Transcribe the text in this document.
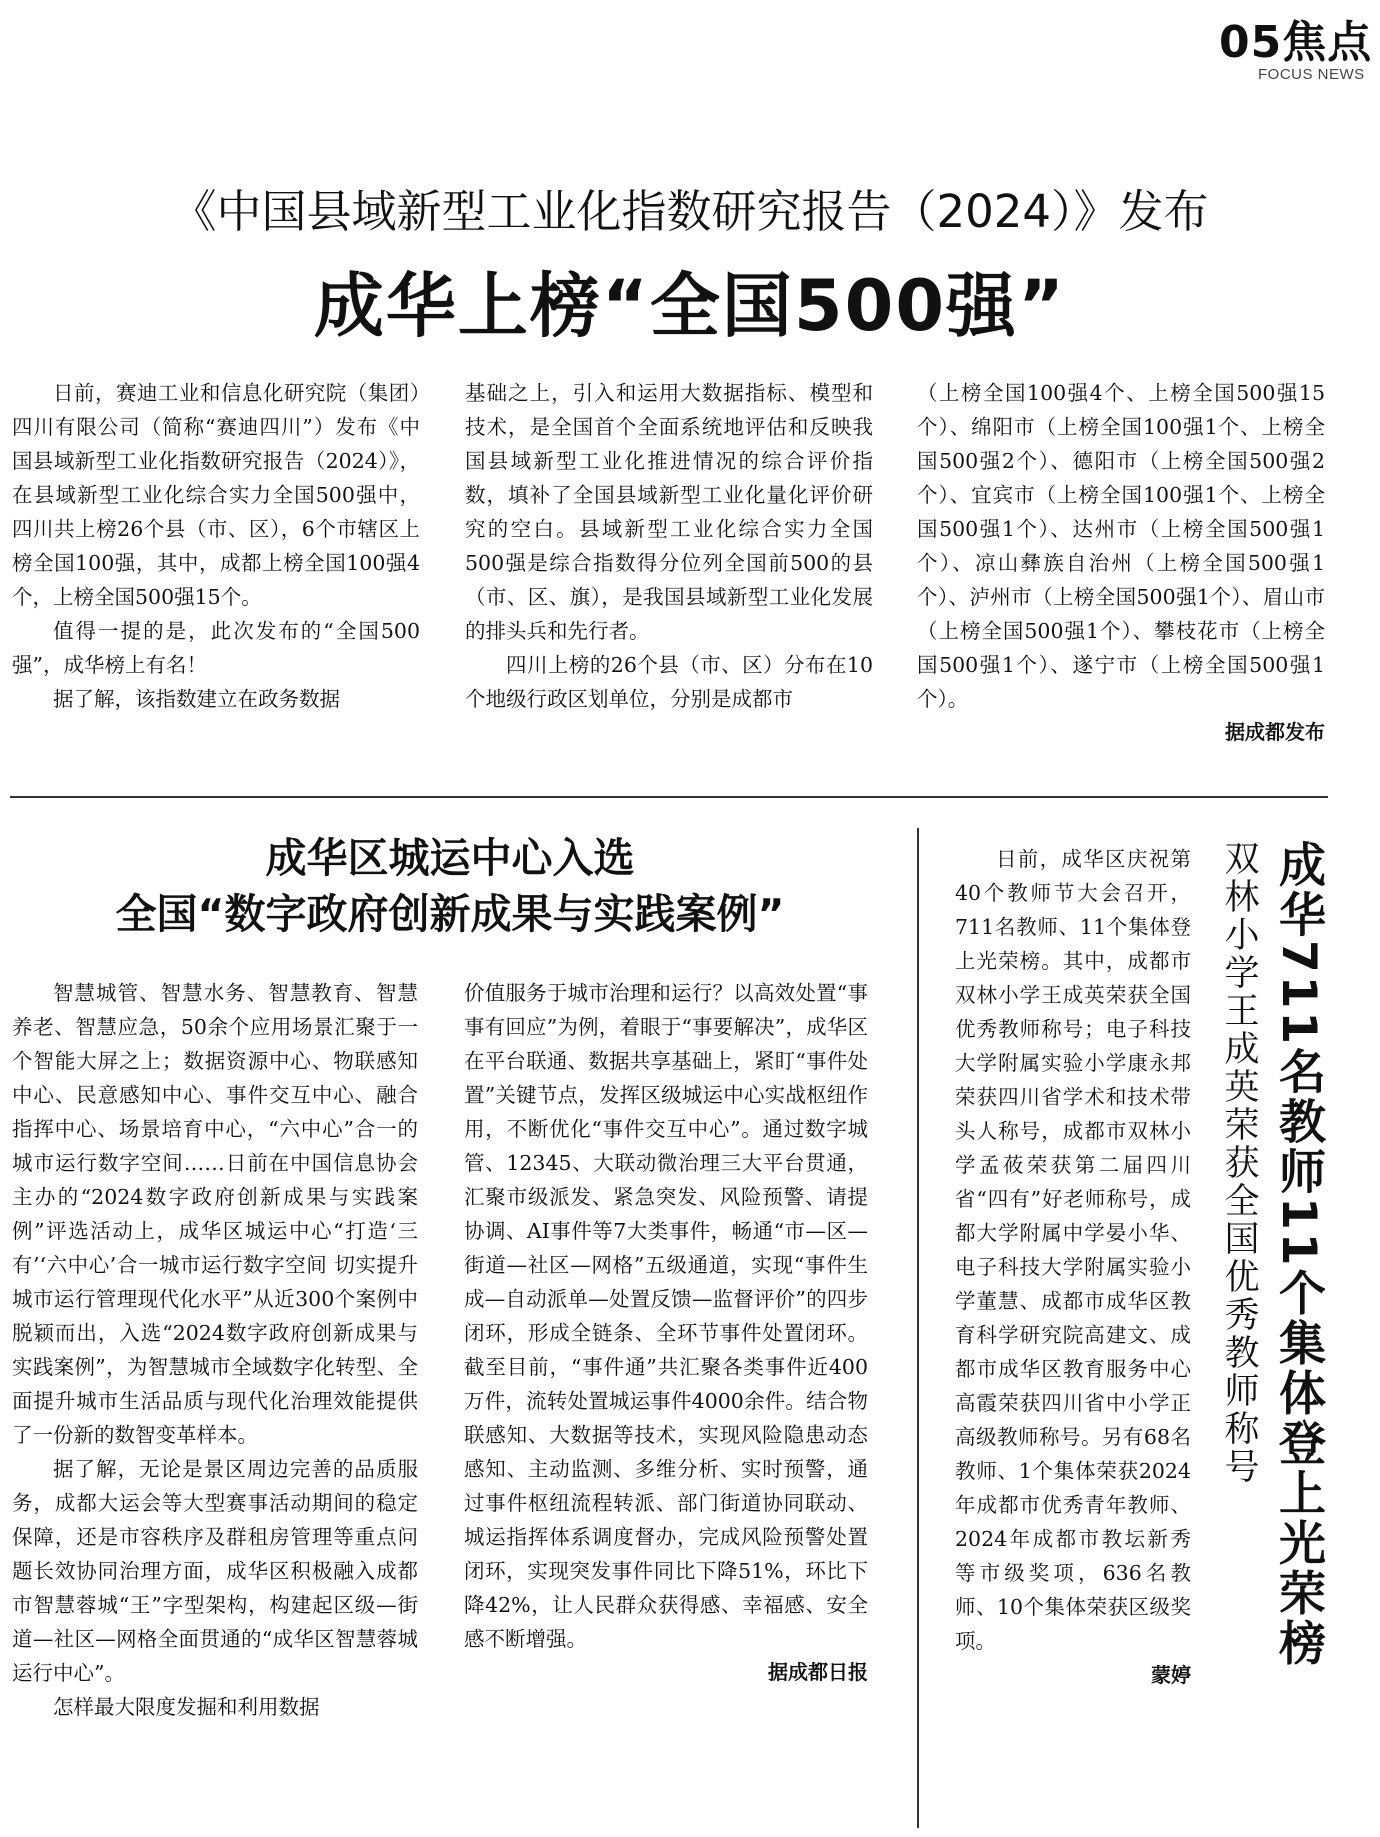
05焦点
FOCUS NEWS
《中国县域新型工业化指数研究报告（2024）》发布
成华上榜“全国500强”

日前，赛迪工业和信息化研究院（集团）四川有限公司（简称“赛迪四川”）发布《中国县域新型工业化指数研究报告（2024）》，在县域新型工业化综合实力全国500强中，四川共上榜26个县（市、区），6个市辖区上榜全国100强，其中，成都上榜全国100强4个，上榜全国500强15个。

值得一提的是，此次发布的“全国500强”，成华榜上有名！

据了解，该指数建立在政务数据

基础之上，引入和运用大数据指标、模型和技术，是全国首个全面系统地评估和反映我国县域新型工业化推进情况的综合评价指数，填补了全国县域新型工业化量化评价研究的空白。县域新型工业化综合实力全国500强是综合指数得分位列全国前500的县（市、区、旗），是我国县域新型工业化发展的排头兵和先行者。

四川上榜的26个县（市、区）分布在10个地级行政区划单位，分别是成都市

（上榜全国100强4个、上榜全国500强15个）、绵阳市（上榜全国100强1个、上榜全国500强2个）、德阳市（上榜全国500强2个）、宜宾市（上榜全国100强1个、上榜全国500强1个）、达州市（上榜全国500强1个）、凉山彝族自治州（上榜全国500强1个）、泸州市（上榜全国500强1个）、眉山市（上榜全国500强1个）、攀枝花市（上榜全国500强1个）、遂宁市（上榜全国500强1个）。

据成都发布
成华区城运中心入选
全国“数字政府创新成果与实践案例”

智慧城管、智慧水务、智慧教育、智慧养老、智慧应急，50余个应用场景汇聚于一个智能大屏之上；数据资源中心、物联感知中心、民意感知中心、事件交互中心、融合指挥中心、场景培育中心，“六中心”合一的城市运行数字空间……日前在中国信息协会主办的“2024数字政府创新成果与实践案例”评选活动上，成华区城运中心“打造‘三有’‘六中心’合一城市运行数字空间 切实提升城市运行管理现代化水平”从近300个案例中脱颖而出，入选“2024数字政府创新成果与实践案例”，为智慧城市全域数字化转型、全面提升城市生活品质与现代化治理效能提供了一份新的数智变革样本。

据了解，无论是景区周边完善的品质服务，成都大运会等大型赛事活动期间的稳定保障，还是市容秩序及群租房管理等重点问题长效协同治理方面，成华区积极融入成都市智慧蓉城“王”字型架构，构建起区级—街道—社区—网格全面贯通的“成华区智慧蓉城运行中心”。

怎样最大限度发掘和利用数据

价值服务于城市治理和运行？以高效处置“事事有回应”为例，着眼于“事要解决”，成华区在平台联通、数据共享基础上，紧盯“事件处置”关键节点，发挥区级城运中心实战枢纽作用，不断优化“事件交互中心”。通过数字城管、12345、大联动微治理三大平台贯通，汇聚市级派发、紧急突发、风险预警、请提协调、AI事件等7大类事件，畅通“市—区—街道—社区—网格”五级通道，实现“事件生成—自动派单—处置反馈—监督评价”的四步闭环，形成全链条、全环节事件处置闭环。截至目前，“事件通”共汇聚各类事件近400万件，流转处置城运事件4000余件。结合物联感知、大数据等技术，实现风险隐患动态感知、主动监测、多维分析、实时预警，通过事件枢纽流程转派、部门街道协同联动、城运指挥体系调度督办，完成风险预警处置闭环，实现突发事件同比下降51%，环比下降42%，让人民群众获得感、幸福感、安全感不断增强。

据成都日报
成华711名教师11个集体登上光荣榜
双林小学王成英荣获全国优秀教师称号

日前，成华区庆祝第40个教师节大会召开，711名教师、11个集体登上光荣榜。其中，成都市双林小学王成英荣获全国优秀教师称号；电子科技大学附属实验小学康永邦荣获四川省学术和技术带头人称号，成都市双林小学孟莜荣获第二届四川省“四有”好老师称号，成都大学附属中学晏小华、电子科技大学附属实验小学董慧、成都市成华区教育科学研究院高建文、成都市成华区教育服务中心高霞荣获四川省中小学正高级教师称号。另有68名教师、1个集体荣获2024年成都市优秀青年教师、2024年成都市教坛新秀等市级奖项，636名教师、10个集体荣获区级奖项。

蒙婷
